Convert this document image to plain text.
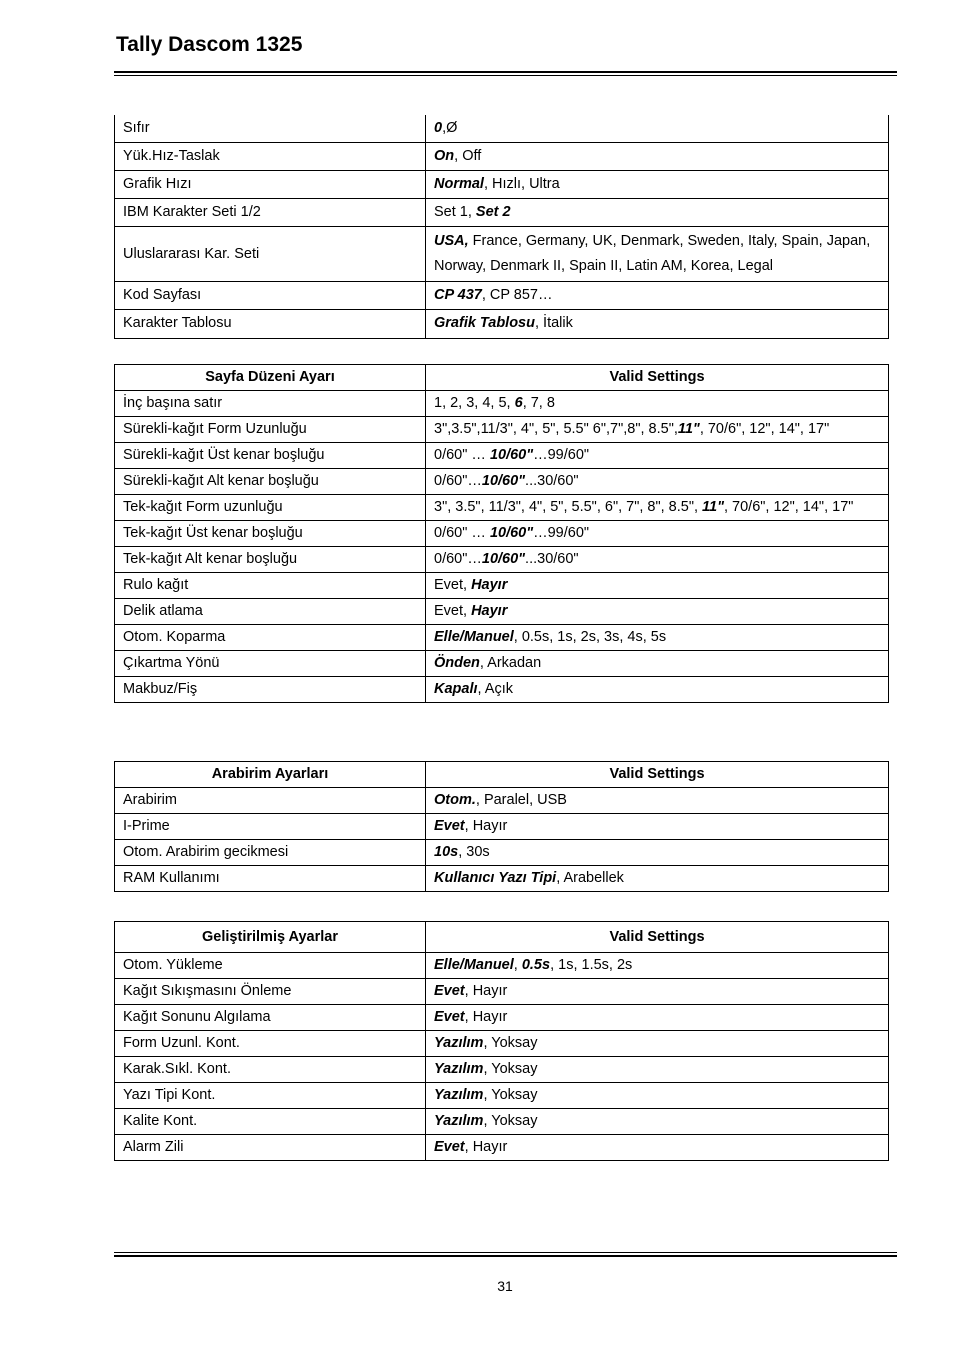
Tally Dascom 1325
Sıfır	0,Ø
Yük.Hız-Taslak	On, Off
Grafik Hızı	Normal, Hızlı, Ultra
IBM Karakter Seti 1/2	Set 1, Set 2
Uluslararası Kar. Seti	USA, France, Germany, UK, Denmark, Sweden, Italy, Spain, Japan, Norway, Denmark II, Spain II, Latin AM, Korea, Legal
Kod Sayfası	CP 437, CP 857…
Karakter Tablosu	Grafik Tablosu, İtalik
Sayfa Düzeni Ayarı	Valid Settings
İnç başına satır	1, 2, 3, 4, 5, 6, 7, 8
Sürekli-kağıt Form Uzunluğu	3",3.5",11/3", 4", 5", 5.5" 6",7",8", 8.5",11", 70/6", 12", 14", 17"
Sürekli-kağıt Üst kenar boşluğu	0/60" … 10/60"…99/60"
Sürekli-kağıt Alt kenar boşluğu	0/60"…10/60"...30/60"
Tek-kağıt Form uzunluğu	3", 3.5", 11/3", 4", 5", 5.5", 6", 7", 8", 8.5", 11", 70/6", 12", 14", 17"
Tek-kağıt Üst kenar boşluğu	0/60" … 10/60"…99/60"
Tek-kağıt Alt kenar boşluğu	0/60"…10/60"...30/60"
Rulo kağıt	Evet, Hayır
Delik atlama	Evet, Hayır
Otom. Koparma	Elle/Manuel, 0.5s, 1s, 2s, 3s, 4s, 5s
Çıkartma Yönü	Önden, Arkadan
Makbuz/Fiş	Kapalı, Açık
Arabirim Ayarları	Valid Settings
Arabirim	Otom., Paralel, USB
I-Prime	Evet, Hayır
Otom. Arabirim gecikmesi	10s, 30s
RAM Kullanımı	Kullanıcı Yazı Tipi, Arabellek
Geliştirilmiş Ayarlar	Valid Settings
Otom. Yükleme	Elle/Manuel, 0.5s, 1s, 1.5s, 2s
Kağıt Sıkışmasını Önleme	Evet, Hayır
Kağıt Sonunu Algılama	Evet, Hayır
Form Uzunl. Kont.	Yazılım, Yoksay
Karak.Sıkl. Kont.	Yazılım, Yoksay
Yazı Tipi Kont.	Yazılım, Yoksay
Kalite Kont.	Yazılım, Yoksay
Alarm Zili	Evet, Hayır
31
